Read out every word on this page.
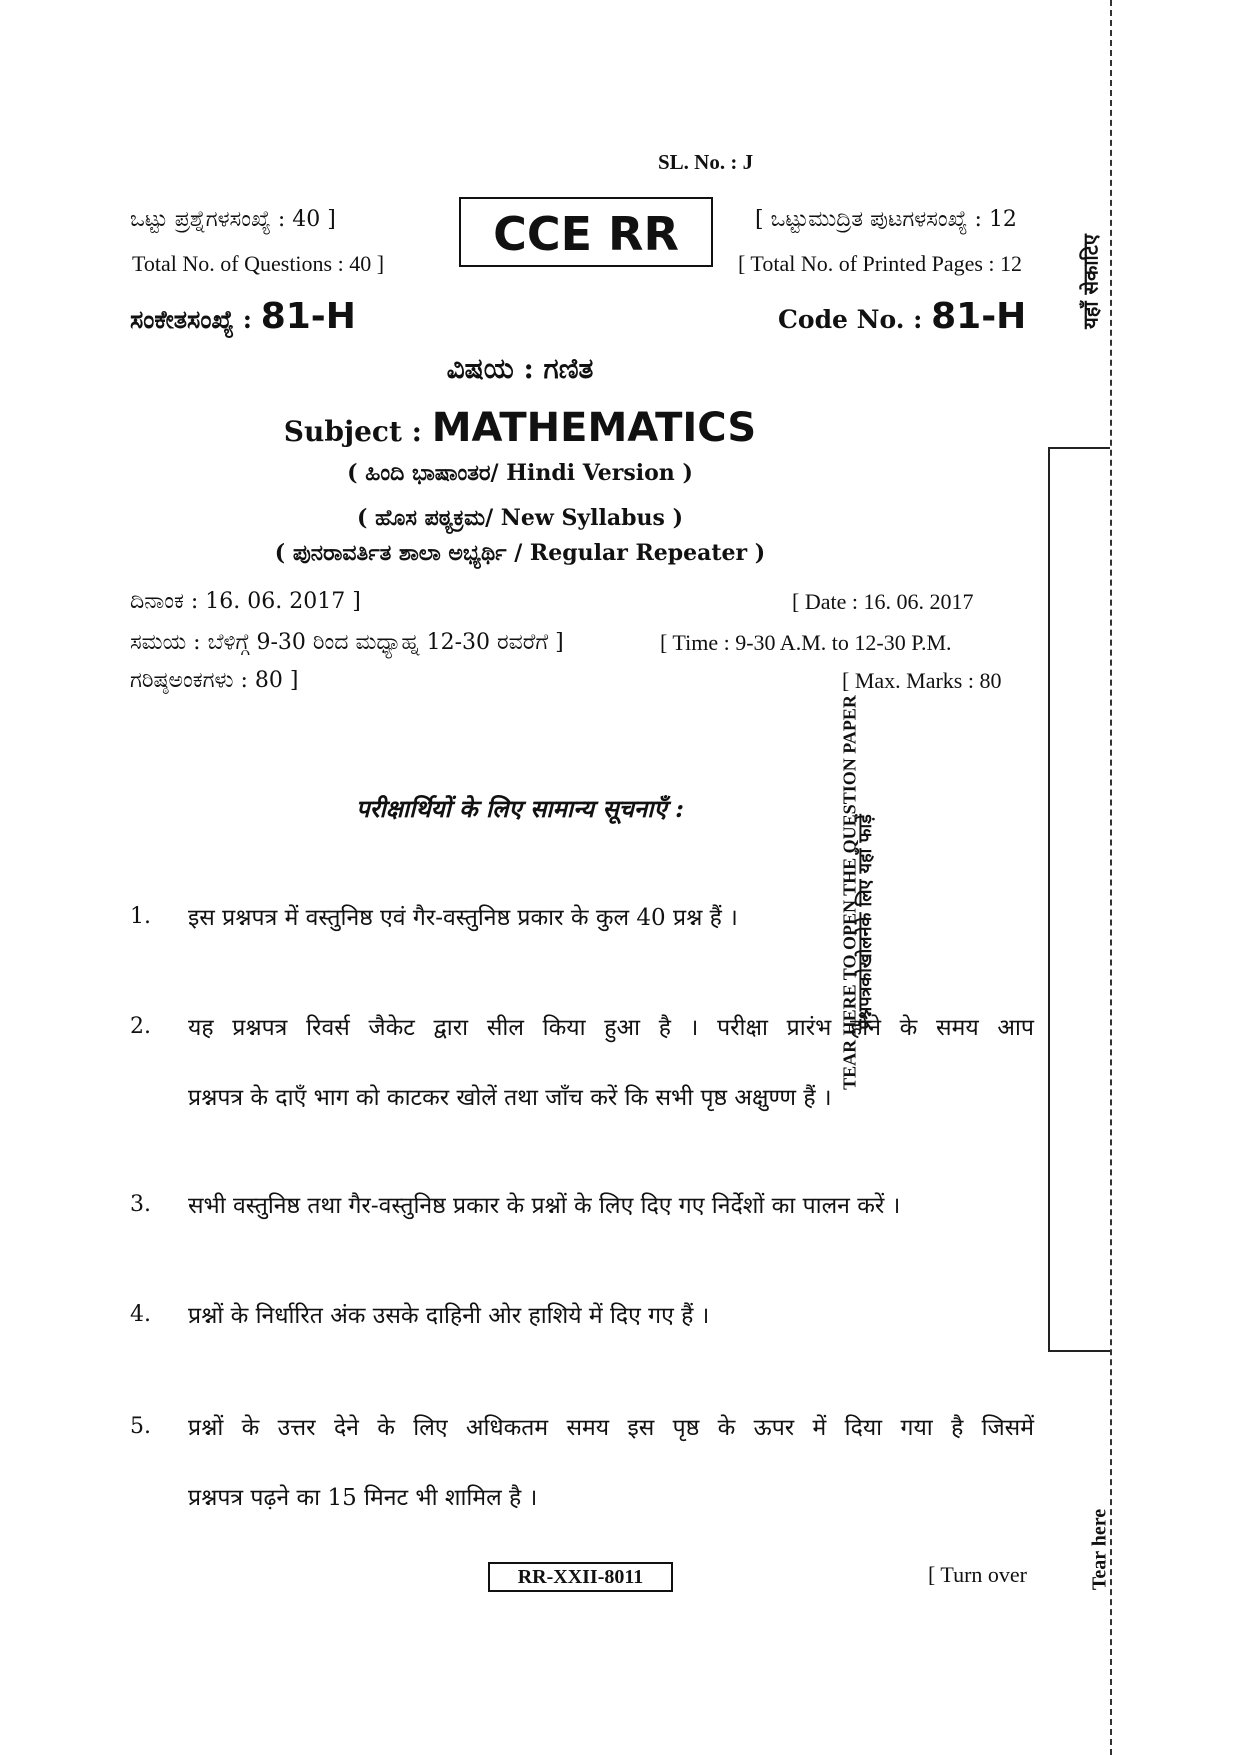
SL. No. : J
ಒಟ್ಟು ಪ್ರಶ್ನೆಗಳಸಂಖ್ಯೆ : 40 ]
Total No. of Questions : 40 ]
CCE RR	[ ಒಟ್ಟುಮುದ್ರಿತ ಪುಟಗಳಸಂಖ್ಯೆ : 12
[ Total No. of Printed Pages : 12
ಸಂಕೇತಸಂಖ್ಯೆ : 81-H	Code No. : 81-H
ವಿಷಯ : ಗಣಿತ
Subject : MATHEMATICS
( ಹಿಂದಿ ಭಾಷಾಂತರ/ Hindi Version )
( ಹೊಸ ಪಠ್ಯಕ್ರಮ/ New Syllabus )
( ಪುನರಾವರ್ತಿತ ಶಾಲಾ ಅಭ್ಯರ್ಥಿ / Regular Repeater )
ದಿನಾಂಕ : 16. 06. 2017 ]	[ Date : 16. 06. 2017
ಸಮಯ : ಬೆಳಿಗ್ಗೆ 9-30 ರಿಂದ ಮಧ್ಯಾಹ್ನ 12-30 ರವರೆಗೆ ]	[ Time : 9-30 A.M. to 12-30 P.M.
ಗರಿಷ್ಠಅಂಕಗಳು : 80 ]	[ Max. Marks : 80
परीक्षार्थियों के लिए सामान्य सूचनाएँ :
1. इस प्रश्नपत्र में वस्तुनिष्ठ एवं गैर-वस्तुनिष्ठ प्रकार के कुल 40 प्रश्न हैं ।
2. यह प्रश्नपत्र रिवर्स जैकेट द्वारा सील किया हुआ है । परीक्षा प्रारंभ होने के समय आप
प्रश्नपत्र के दाएँ भाग को काटकर खोलें तथा जाँच करें कि सभी पृष्ठ अक्षुण्ण हैं ।
3. सभी वस्तुनिष्ठ तथा गैर-वस्तुनिष्ठ प्रकार के प्रश्नों के लिए दिए गए निर्देशों का पालन करें ।
4. प्रश्नों के निर्धारित अंक उसके दाहिनी ओर हाशिये में दिए गए हैं ।
5. प्रश्नों के उत्तर देने के लिए अधिकतम समय इस पृष्ठ के ऊपर में दिया गया है जिसमें
प्रश्नपत्र पढ़ने का 15 मिनट भी शामिल है ।
RR-XXII-8011	[ Turn over
यहाँ सेकाटिए
TEAR HERE TO OPEN THE QUESTION PAPER
प्रश्नपत्रकोखोलनेके लिए यहाँ फाड़ें
Tear here
